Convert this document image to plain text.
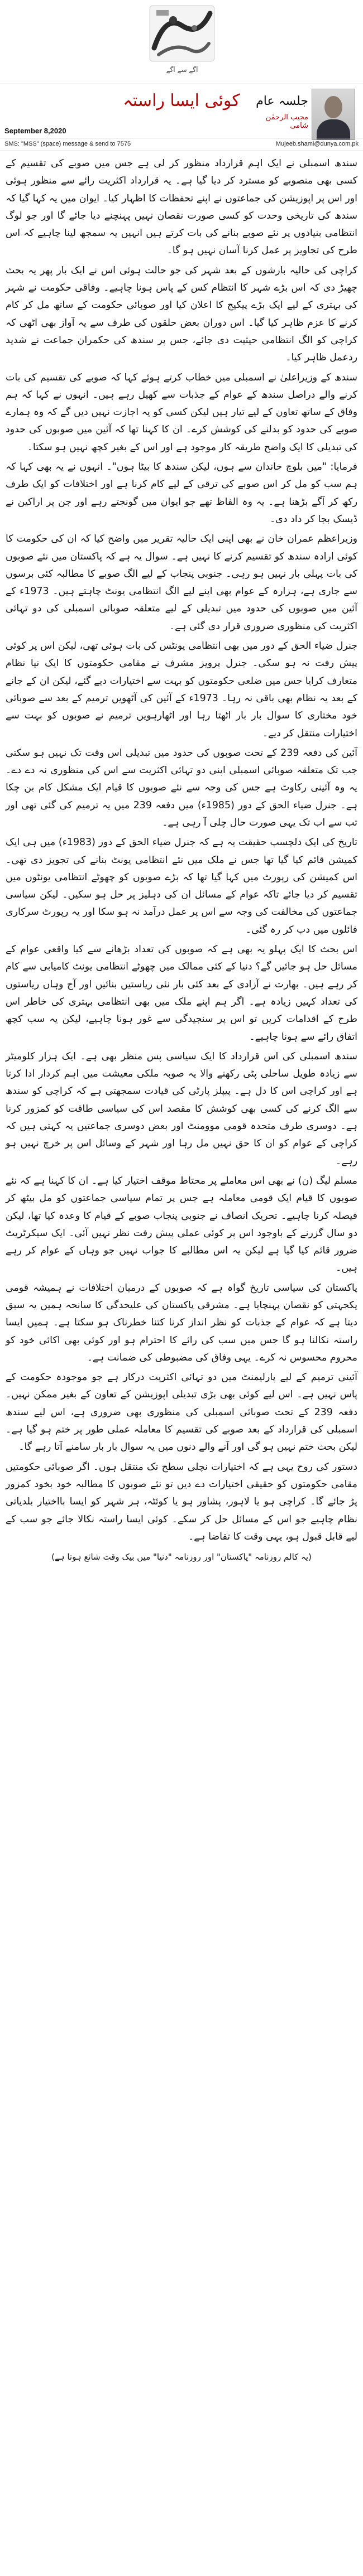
آگے سے آگے
کوئی ایسا راستہ	جلسہ عام
مجیب الرحمٰن شامی
September 8,2020
SMS: "MSS" (space) message & send to 7575	Mujeeb.shami@dunya.com.pk

سندھ اسمبلی نے ایک اہم قرارداد منظور کر لی ہے جس میں صوبے کی تقسیم کے کسی بھی منصوبے کو مسترد کر دیا گیا ہے۔ یہ قرارداد اکثریت رائے سے منظور ہوئی اور اس پر اپوزیشن کی جماعتوں نے اپنے تحفظات کا اظہار کیا۔ ایوان میں یہ کہا گیا کہ سندھ کی تاریخی وحدت کو کسی صورت نقصان نہیں پہنچنے دیا جائے گا اور جو لوگ انتظامی بنیادوں پر نئے صوبے بنانے کی بات کرتے ہیں انہیں یہ سمجھ لینا چاہیے کہ اس طرح کی تجاویز پر عمل کرنا آسان نہیں ہو گا۔

کراچی کی حالیہ بارشوں کے بعد شہر کی جو حالت ہوئی اس نے ایک بار پھر یہ بحث چھیڑ دی کہ اس بڑے شہر کا انتظام کس کے پاس ہونا چاہیے۔ وفاقی حکومت نے شہر کی بہتری کے لیے ایک بڑے پیکیج کا اعلان کیا اور صوبائی حکومت کے ساتھ مل کر کام کرنے کا عزم ظاہر کیا گیا۔ اس دوران بعض حلقوں کی طرف سے یہ آواز بھی اٹھی کہ کراچی کو الگ انتظامی حیثیت دی جائے، جس پر سندھ کی حکمران جماعت نے شدید ردعمل ظاہر کیا۔

سندھ کے وزیراعلیٰ نے اسمبلی میں خطاب کرتے ہوئے کہا کہ صوبے کی تقسیم کی بات کرنے والے دراصل سندھ کے عوام کے جذبات سے کھیل رہے ہیں۔ انہوں نے کہا کہ ہم وفاق کے ساتھ تعاون کے لیے تیار ہیں لیکن کسی کو یہ اجازت نہیں دیں گے کہ وہ ہمارے صوبے کی حدود کو بدلنے کی کوشش کرے۔ ان کا کہنا تھا کہ آئین میں صوبوں کی حدود کی تبدیلی کا ایک واضح طریقہ کار موجود ہے اور اس کے بغیر کچھ نہیں ہو سکتا۔

فرمایا: "میں بلوچ خاندان سے ہوں، لیکن سندھ کا بیٹا ہوں"۔ انہوں نے یہ بھی کہا کہ ہم سب کو مل کر اس صوبے کی ترقی کے لیے کام کرنا ہے اور اختلافات کو ایک طرف رکھ کر آگے بڑھنا ہے۔ یہ وہ الفاظ تھے جو ایوان میں گونجتے رہے اور جن پر اراکین نے ڈیسک بجا کر داد دی۔

وزیراعظم عمران خان نے بھی اپنی ایک حالیہ تقریر میں واضح کیا کہ ان کی حکومت کا کوئی ارادہ سندھ کو تقسیم کرنے کا نہیں ہے۔ سوال یہ ہے کہ پاکستان میں نئے صوبوں کی بات پہلی بار نہیں ہو رہی۔ جنوبی پنجاب کے لیے الگ صوبے کا مطالبہ کئی برسوں سے جاری ہے، ہزارہ کے عوام بھی اپنے لیے الگ انتظامی یونٹ چاہتے ہیں۔ 1973ء کے آئین میں صوبوں کی حدود میں تبدیلی کے لیے متعلقہ صوبائی اسمبلی کی دو تہائی اکثریت کی منظوری ضروری قرار دی گئی ہے۔

جنرل ضیاء الحق کے دور میں بھی انتظامی یونٹس کی بات ہوئی تھی، لیکن اس پر کوئی پیش رفت نہ ہو سکی۔ جنرل پرویز مشرف نے مقامی حکومتوں کا ایک نیا نظام متعارف کرایا جس میں ضلعی حکومتوں کو بہت سے اختیارات دیے گئے، لیکن ان کے جانے کے بعد یہ نظام بھی باقی نہ رہا۔ 1973ء کے آئین کی آٹھویں ترمیم کے بعد سے صوبائی خود مختاری کا سوال بار بار اٹھتا رہا اور اٹھارہویں ترمیم نے صوبوں کو بہت سے اختیارات منتقل کر دیے۔

آئین کی دفعہ 239 کے تحت صوبوں کی حدود میں تبدیلی اس وقت تک نہیں ہو سکتی جب تک متعلقہ صوبائی اسمبلی اپنی دو تہائی اکثریت سے اس کی منظوری نہ دے دے۔ یہ وہ آئینی رکاوٹ ہے جس کی وجہ سے نئے صوبوں کا قیام ایک مشکل کام بن چکا ہے۔ جنرل ضیاء الحق کے دور (1985ء) میں دفعہ 239 میں یہ ترمیم کی گئی تھی اور تب سے اب تک یہی صورت حال چلی آ رہی ہے۔

تاریخ کی ایک دلچسپ حقیقت یہ ہے کہ جنرل ضیاء الحق کے دور (1983ء) میں ہی ایک کمیشن قائم کیا گیا تھا جس نے ملک میں نئے انتظامی یونٹ بنانے کی تجویز دی تھی۔ اس کمیشن کی رپورٹ میں کہا گیا تھا کہ بڑے صوبوں کو چھوٹے انتظامی یونٹوں میں تقسیم کر دیا جائے تاکہ عوام کے مسائل ان کی دہلیز پر حل ہو سکیں۔ لیکن سیاسی جماعتوں کی مخالفت کی وجہ سے اس پر عمل درآمد نہ ہو سکا اور یہ رپورٹ سرکاری فائلوں میں دب کر رہ گئی۔

اس بحث کا ایک پہلو یہ بھی ہے کہ صوبوں کی تعداد بڑھانے سے کیا واقعی عوام کے مسائل حل ہو جائیں گے؟ دنیا کے کئی ممالک میں چھوٹے انتظامی یونٹ کامیابی سے کام کر رہے ہیں۔ بھارت نے آزادی کے بعد کئی بار نئی ریاستیں بنائیں اور آج وہاں ریاستوں کی تعداد کہیں زیادہ ہے۔ اگر ہم اپنے ملک میں بھی انتظامی بہتری کی خاطر اس طرح کے اقدامات کریں تو اس پر سنجیدگی سے غور ہونا چاہیے، لیکن یہ سب کچھ اتفاق رائے سے ہونا چاہیے۔

سندھ اسمبلی کی اس قرارداد کا ایک سیاسی پس منظر بھی ہے۔ ایک ہزار کلومیٹر سے زیادہ طویل ساحلی پٹی رکھنے والا یہ صوبہ ملکی معیشت میں اہم کردار ادا کرتا ہے اور کراچی اس کا دل ہے۔ پیپلز پارٹی کی قیادت سمجھتی ہے کہ کراچی کو سندھ سے الگ کرنے کی کسی بھی کوشش کا مقصد اس کی سیاسی طاقت کو کمزور کرنا ہے۔ دوسری طرف متحدہ قومی موومنٹ اور بعض دوسری جماعتیں یہ کہتی ہیں کہ کراچی کے عوام کو ان کا حق نہیں مل رہا اور شہر کے وسائل اس پر خرچ نہیں ہو رہے۔

مسلم لیگ (ن) نے بھی اس معاملے پر محتاط موقف اختیار کیا ہے۔ ان کا کہنا ہے کہ نئے صوبوں کا قیام ایک قومی معاملہ ہے جس پر تمام سیاسی جماعتوں کو مل بیٹھ کر فیصلہ کرنا چاہیے۔ تحریک انصاف نے جنوبی پنجاب صوبے کے قیام کا وعدہ کیا تھا، لیکن دو سال گزرنے کے باوجود اس پر کوئی عملی پیش رفت نظر نہیں آئی۔ ایک سیکرٹریٹ ضرور قائم کیا گیا ہے لیکن یہ اس مطالبے کا جواب نہیں جو وہاں کے عوام کر رہے ہیں۔

پاکستان کی سیاسی تاریخ گواہ ہے کہ صوبوں کے درمیان اختلافات نے ہمیشہ قومی یکجہتی کو نقصان پہنچایا ہے۔ مشرقی پاکستان کی علیحدگی کا سانحہ ہمیں یہ سبق دیتا ہے کہ عوام کے جذبات کو نظر انداز کرنا کتنا خطرناک ہو سکتا ہے۔ ہمیں ایسا راستہ نکالنا ہو گا جس میں سب کی رائے کا احترام ہو اور کوئی بھی اکائی خود کو محروم محسوس نہ کرے۔ یہی وفاق کی مضبوطی کی ضمانت ہے۔

آئینی ترمیم کے لیے پارلیمنٹ میں دو تہائی اکثریت درکار ہے جو موجودہ حکومت کے پاس نہیں ہے۔ اس لیے کوئی بھی بڑی تبدیلی اپوزیشن کے تعاون کے بغیر ممکن نہیں۔ دفعہ 239 کے تحت صوبائی اسمبلی کی منظوری بھی ضروری ہے، اس لیے سندھ اسمبلی کی قرارداد کے بعد صوبے کی تقسیم کا معاملہ عملی طور پر ختم ہو گیا ہے۔ لیکن بحث ختم نہیں ہو گی اور آنے والے دنوں میں یہ سوال بار بار سامنے آتا رہے گا۔

دستور کی روح یہی ہے کہ اختیارات نچلی سطح تک منتقل ہوں۔ اگر صوبائی حکومتیں مقامی حکومتوں کو حقیقی اختیارات دے دیں تو نئے صوبوں کا مطالبہ خود بخود کمزور پڑ جائے گا۔ کراچی ہو یا لاہور، پشاور ہو یا کوئٹہ، ہر شہر کو ایسا بااختیار بلدیاتی نظام چاہیے جو اس کے مسائل حل کر سکے۔ کوئی ایسا راستہ نکالا جائے جو سب کے لیے قابل قبول ہو، یہی وقت کا تقاضا ہے۔

(یہ کالم روزنامہ "پاکستان" اور روزنامہ "دنیا" میں بیک وقت شائع ہوتا ہے)
